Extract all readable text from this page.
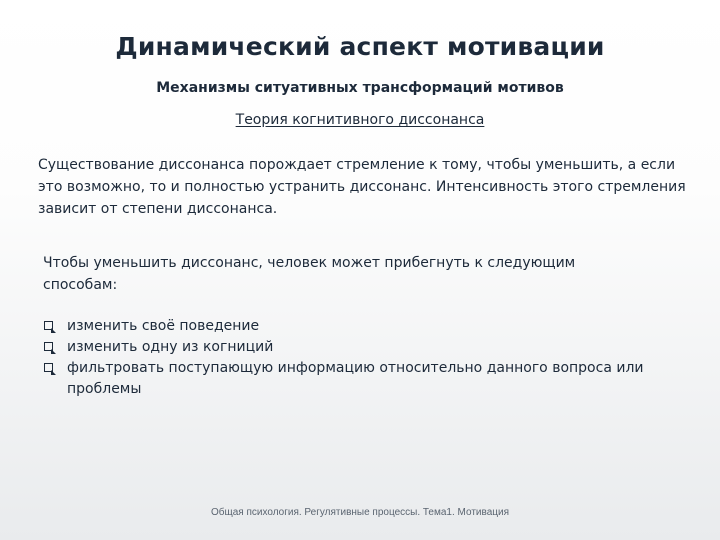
Динамический аспект мотивации
Механизмы ситуативных трансформаций мотивов
Теория когнитивного диссонанса
Существование диссонанса порождает стремление к тому, чтобы уменьшить, а если это возможно, то и полностью устранить диссонанс. Интенсивность этого стремления зависит от степени диссонанса.
Чтобы уменьшить диссонанс, человек может прибегнуть к следующим способам:
изменить своё поведение
изменить одну из когниций
фильтровать поступающую информацию относительно данного вопроса или проблемы
Общая психология. Регулятивные процессы. Тема1. Мотивация
